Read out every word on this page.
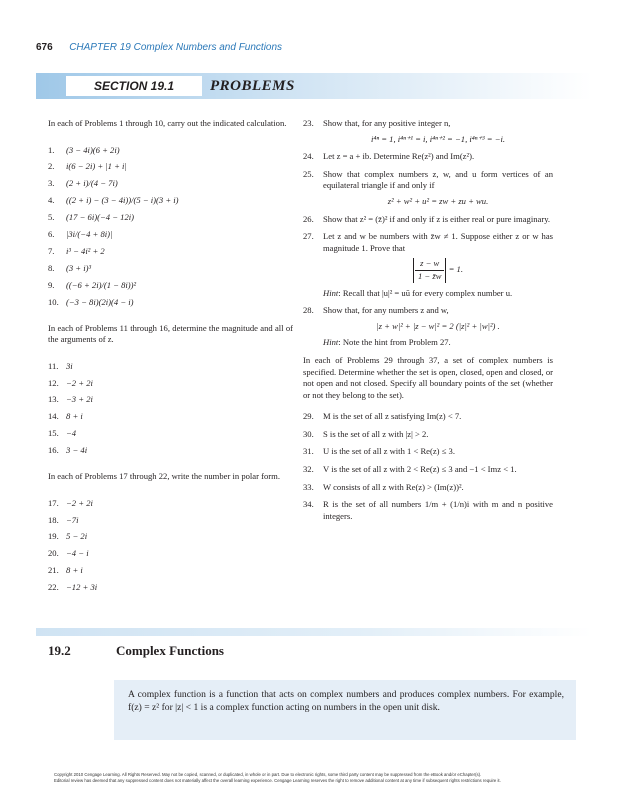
676 CHAPTER 19 Complex Numbers and Functions
SECTION 19.1	PROBLEMS

In each of Problems 1 through 10, carry out the indicated calculation.

1.	(3 − 4i)(6 + 2i)
2.	i(6 − 2i) + |1 + i|
3.	(2 + i)/(4 − 7i)
4.	((2 + i) − (3 − 4i))/(5 − i)(3 + i)
5.	(17 − 6i)(−4 − 12i)
6.	|3i/(−4 + 8i)|
7.	i³ − 4i² + 2
8.	(3 + i)³
9.	((−6 + 2i)/(1 − 8i))²
10. (−3 − 8i)(2i)(4 − i)

In each of Problems 11 through 16, determine the magnitude and all of the arguments of z.

11. 3i
12. −2 + 2i
13. −3 + 2i
14. 8 + i
15. −4
16. 3 − 4i

In each of Problems 17 through 22, write the number in polar form.

17. −2 + 2i
18. −7i
19. 5 − 2i
20. −4 − i
21. 8 + i
22. −12 + 3i
23. Show that, for any positive integer n,
i⁴ⁿ = 1, i⁴ⁿ⁺¹ = i, i⁴ⁿ⁺² = −1, i⁴ⁿ⁺³ = −i.
24. Let z = a + ib. Determine Re(z²) and Im(z²).
25. Show that complex numbers z, w, and u form vertices of an equilateral triangle if and only if
z² + w² + u² = zw + zu + wu.
26. Show that z² = (z̄)² if and only if z is either real or pure imaginary.
27. Let z and w be numbers with z̄w ≠ 1. Suppose either z or w has magnitude 1. Prove that
$\frac{z - w}{1 - z̄w} = 1$.
Hint: Recall that |u|² = uū for every complex number u.
28. Show that, for any numbers z and w,
|z + w|² + |z − w|² = 2 (|z|² + |w|²) .
Hint: Note the hint from Problem 27.

In each of Problems 29 through 37, a set of complex numbers is specified. Determine whether the set is open, closed, open and closed, or not open and not closed. Specify all boundary points of the set (whether or not they belong to the set).

29. M is the set of all z satisfying Im(z) < 7.
30. S is the set of all z with |z| > 2.
31. U is the set of all z with 1 < Re(z) ≤ 3.
32. V is the set of all z with 2 < Re(z) ≤ 3 and −1 < Imz < 1.
33. W consists of all z with Re(z) > (Im(z))².
34. R is the set of all numbers 1/m + (1/n)i with m and n positive integers.
19.2	Complex Functions

A complex function is a function that acts on complex numbers and produces complex numbers. For example, f(z) = z² for |z| < 1 is a complex function acting on numbers in the open unit disk.

Copyright 2010 Cengage Learning. All Rights Reserved. May not be copied, scanned, or duplicated, in whole or in part. Due to electronic rights, some third party content may be suppressed from the eBook and/or eChapter(s).
Editorial review has deemed that any suppressed content does not materially affect the overall learning experience. Cengage Learning reserves the right to remove additional content at any time if subsequent rights restrictions require it.
